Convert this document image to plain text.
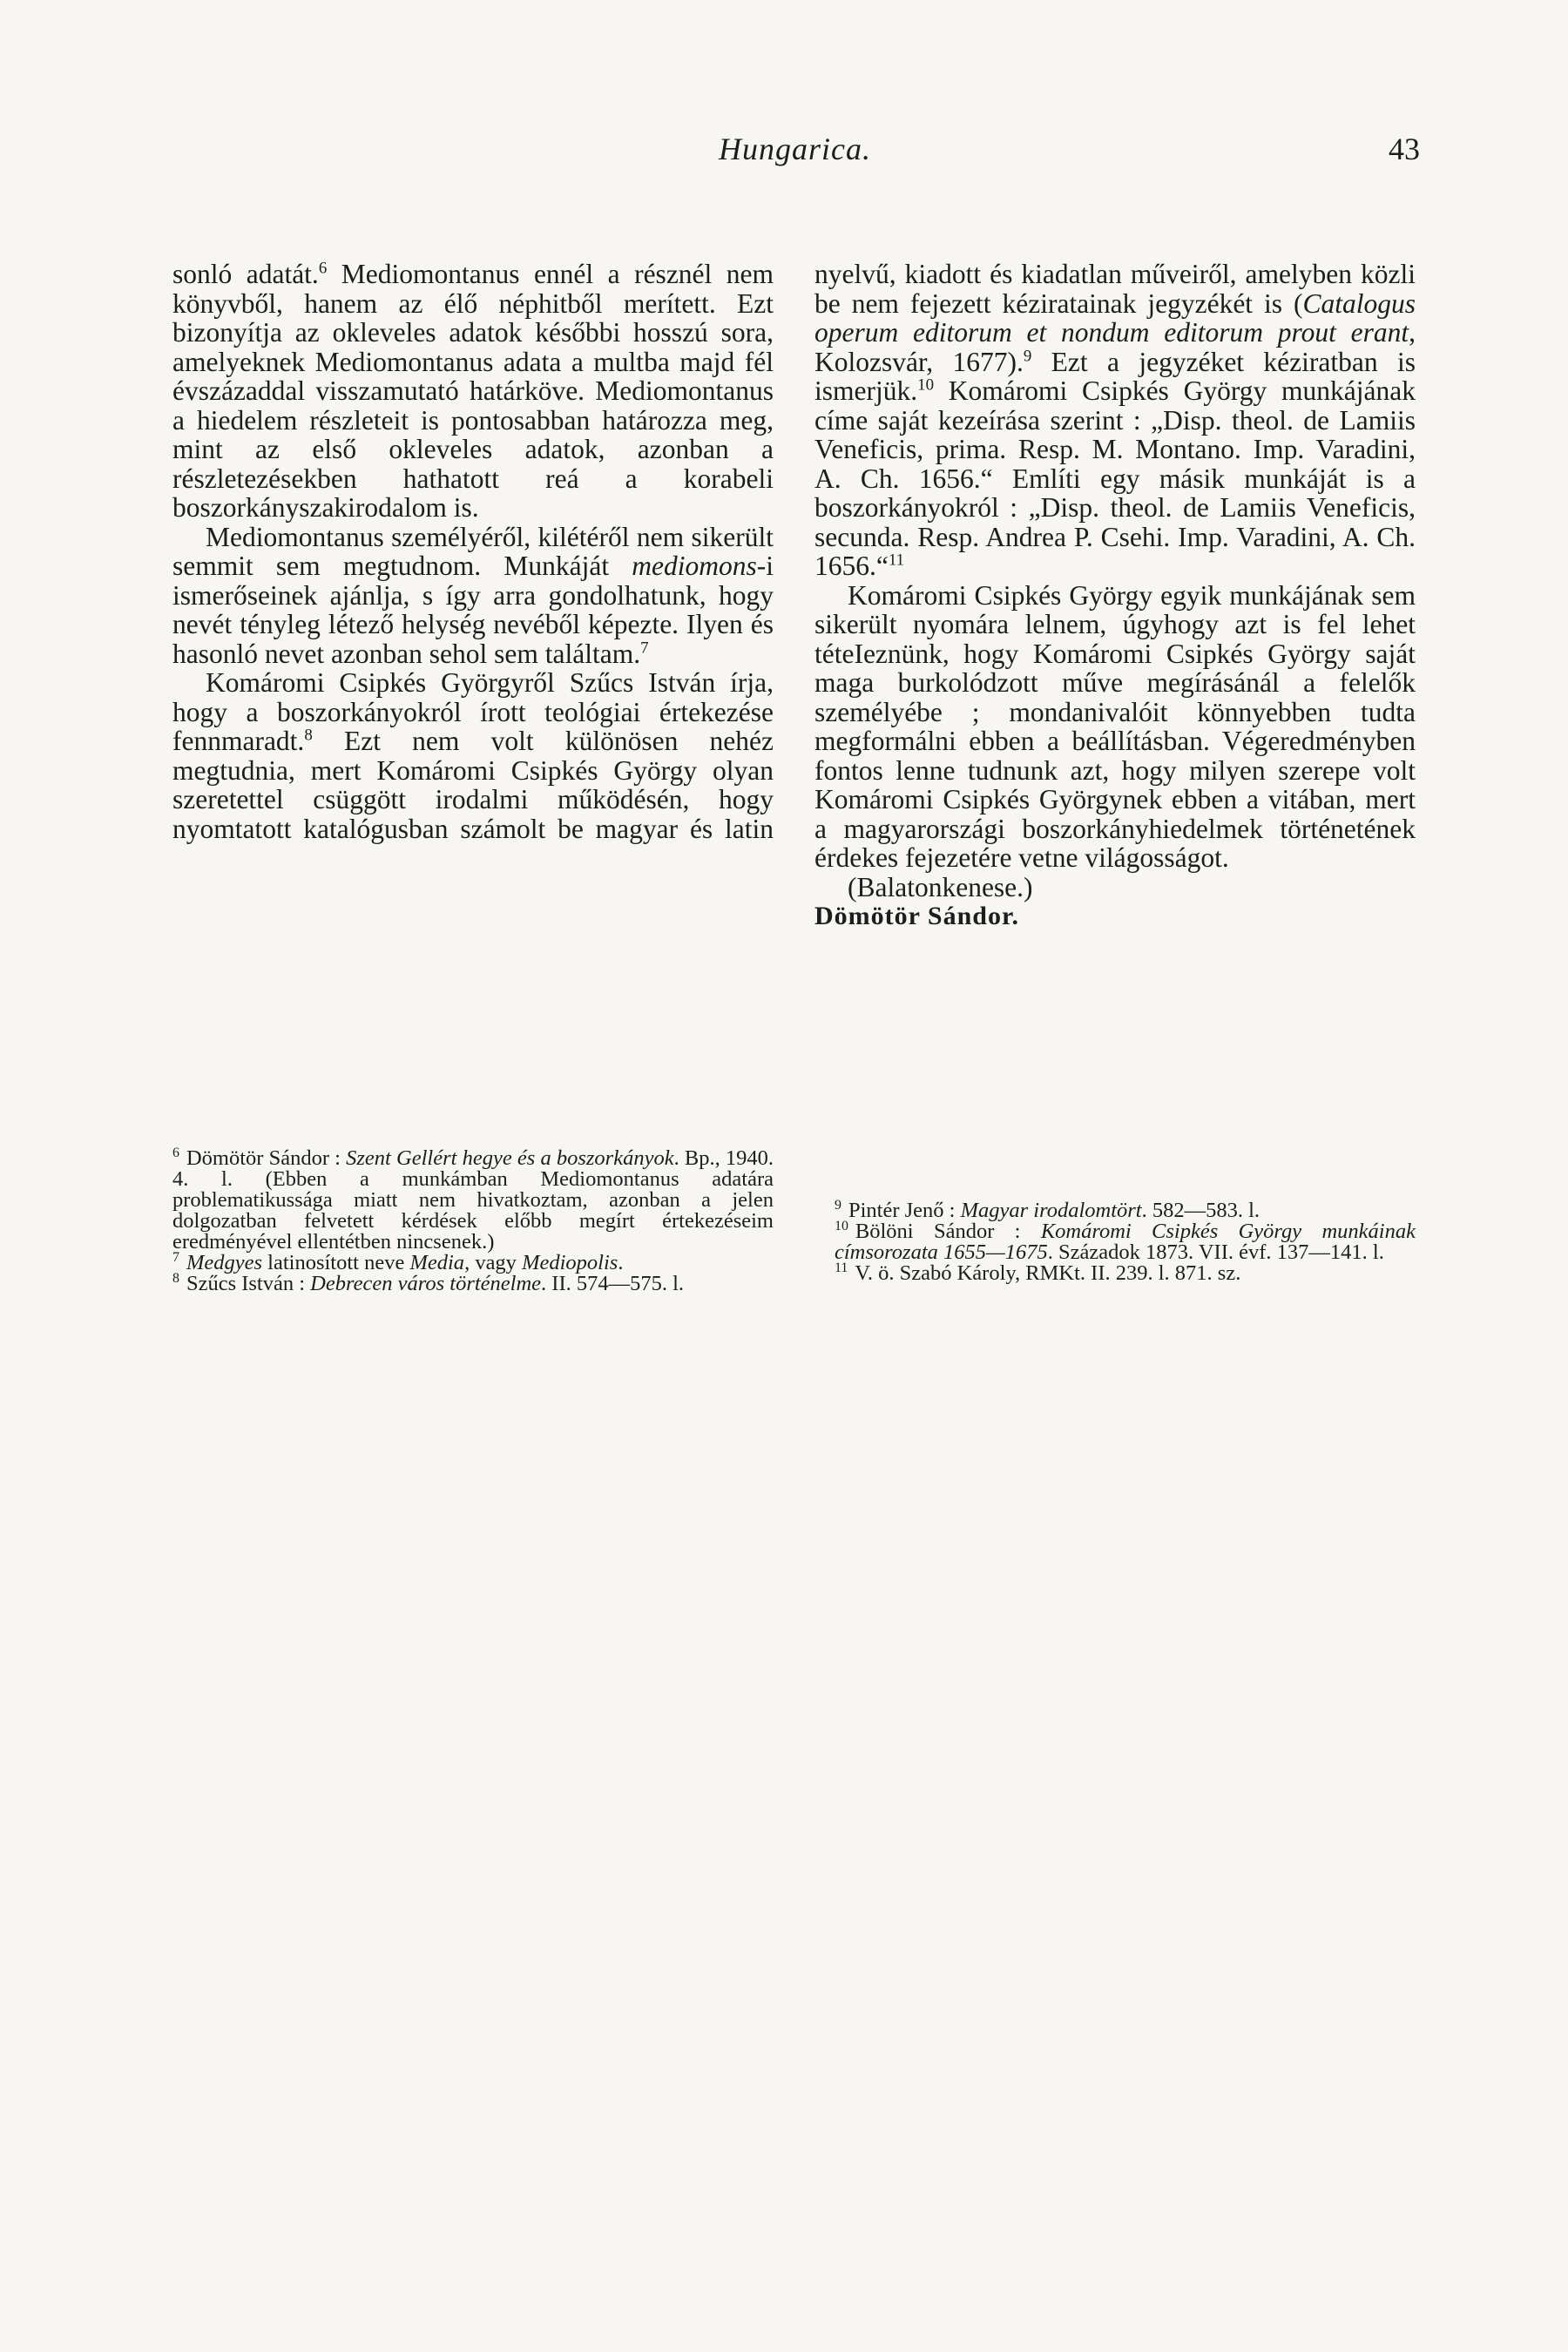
Hungarica.	43

sonló adatát.$^6$ Mediomontanus ennél a résznél nem könyvből, hanem az élő néphitből merített. Ezt bizonyítja az okleveles adatok későbbi hosszú sora, amelyeknek Mediomontanus adata a multba majd fél évszázaddal visszamutató határköve. Mediomontanus a hiedelem részleteit is pontosabban határozza meg, mint az első okleveles adatok, azonban a részletezésekben hathatott reá a korabeli boszorkányszakirodalom is.

Mediomontanus személyéről, kilétéről nem sikerült semmit sem megtudnom. Munkáját mediomons-i ismerőseinek ajánlja, s így arra gondolhatunk, hogy nevét tényleg létező helység nevéből képezte. Ilyen és hasonló nevet azonban sehol sem találtam.$^7$

Komáromi Csipkés Györgyről Szűcs István írja, hogy a boszorkányokról írott teológiai értekezése fennmaradt.$^8$ Ezt nem volt különösen nehéz megtudnia, mert Komáromi Csipkés György olyan szeretettel csüggött irodalmi működésén, hogy nyomtatott katalógusban számolt be magyar és latin

nyelvű, kiadott és kiadatlan műveiről, amelyben közli be nem fejezett kéziratainak jegyzékét is (Catalogus operum editorum et nondum editorum prout erant, Kolozsvár, 1677).$^9$ Ezt a jegyzéket kéziratban is ismerjük.$^{10}$ Komáromi Csipkés György munkájának címe saját kezeírása szerint : „Disp. theol. de Lamiis Veneficis, prima. Resp. M. Montano. Imp. Varadini, A. Ch. 1656.“ Említi egy másik munkáját is a boszorkányokról : „Disp. theol. de Lamiis Veneficis, secunda. Resp. Andrea P. Csehi. Imp. Varadini, A. Ch. 1656.“$^{11}$

Komáromi Csipkés György egyik munkájának sem sikerült nyomára lelnem, úgyhogy azt is fel lehet téteIeznünk, hogy Komáromi Csipkés György saját maga burkolódzott műve megírásánál a felelők személyébe ; mondanivalóit könnyebben tudta megformálni ebben a beállításban. Végeredményben fontos lenne tudnunk azt, hogy milyen szerepe volt Komáromi Csipkés Györgynek ebben a vitában, mert a magyarországi boszorkányhiedelmek történetének érdekes fejezetére vetne világosságot.

(Balatonkenese.)

Dömötör Sándor.

$^6$ Dömötör Sándor : Szent Gellért hegye és a boszorkányok. Bp., 1940. 4. l. (Ebben a munkámban Mediomontanus adatára problematikussága miatt nem hivatkoztam, azonban a jelen dolgozatban felvetett kérdések előbb megírt értekezéseim eredményével ellentétben nincsenek.)

$^7$ Medgyes latinosított neve Media, vagy Mediopolis.

$^8$ Szűcs István : Debrecen város történelme. II. 574—575. l.

$^9$ Pintér Jenő : Magyar irodalomtört. 582—583. l.

$^{10}$ Bölöni Sándor : Komáromi Csipkés György munkáinak címsorozata 1655—1675. Századok 1873. VII. évf. 137—141. l.

$^{11}$ V. ö. Szabó Károly, RMKt. II. 239. l. 871. sz.
